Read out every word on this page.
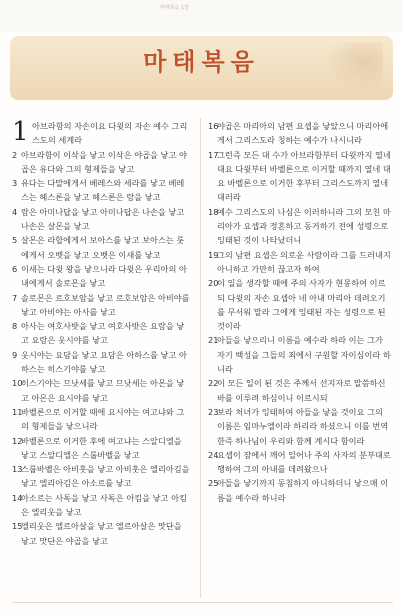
마태복음 1장
마태복음
1 아브라함의 자손이요 다윗의 자손 예수 그리스도의 세계라
2 아브라함이 이삭을 낳고 이삭은 야곱을 낳고 야곱은 유다와 그의 형제들을 낳고
3 유다는 다말에게서 베레스와 세라를 낳고 베레스는 헤스론을 낳고 헤스론은 람을 낳고
4 람은 아미나답을 낳고 아미나답은 나손을 낳고 나손은 살몬을 낳고
5 살몬은 라합에게서 보아스를 낳고 보아스는 룻에게서 오벳을 낳고 오벳은 이새를 낳고
6 이새는 다윗 왕을 낳으니라 다윗은 우리아의 아내에게서 솔로몬을 낳고
7 솔로몬은 르호보암을 낳고 르호보암은 아비야를 낳고 아비야는 아사를 낳고
8 아사는 여호사밧을 낳고 여호사밧은 요람을 낳고 요람은 웃시야를 낳고
9 웃시야는 요담을 낳고 요담은 아하스를 낳고 아하스는 히스기야를 낳고
10
히스기야는 므낫세를 낳고 므낫세는 아몬을 낳고 아몬은 요시야를 낳고
11
바벨론으로 이거할 때에 요시야는 여고냐와 그의 형제들을 낳으니라
12
바벨론으로 이거한 후에 여고냐는 스알디엘을 낳고 스알디엘은 스룹바벨을 낳고
13
스룹바벨은 아비훗을 낳고 아비훗은 엘리아김을 낳고 엘리아김은 아소르를 낳고
14
아소르는 사독을 낳고 사독은 아킴을 낳고 아킴은 엘리웃을 낳고
15
엘리웃은 엘르아살을 낳고 엘르아살은 맛단을 낳고 맛단은 야곱을 낳고
16
야곱은 마리아의 남편 요셉을 낳았으니 마리아에게서 그리스도라 칭하는 예수가 나시니라
17
그런즉 모든 대 수가 아브라함부터 다윗까지 열네 대요 다윗부터 바벨론으로 이거할 때까지 열네 대요 바벨론으로 이거한 후부터 그리스도까지 열네 대러라
18
예수 그리스도의 나심은 이러하니라 그의 모친 마리아가 요셉과 정혼하고 동거하기 전에 성령으로 잉태된 것이 나타났더니
19
그의 남편 요셉은 의로운 사람이라 그를 드러내지 아니하고 가만히 끊고자 하여
20
이 일을 생각할 때에 주의 사자가 현몽하여 이르되 다윗의 자손 요셉아 네 아내 마리아 데려오기를 무서워 말라 그에게 잉태된 자는 성령으로 된 것이라
21
아들을 낳으리니 이름을 예수라 하라 이는 그가 자기 백성을 그들의 죄에서 구원할 자이심이라 하니라
22
이 모든 일이 된 것은 주께서 선지자로 말씀하신 바를 이루려 하심이니 이르시되
23
보라 처녀가 잉태하여 아들을 낳을 것이요 그의 이름은 임마누엘이라 하리라 하셨으니 이를 번역한즉 하나님이 우리와 함께 계시다 함이라
24
요셉이 잠에서 깨어 일어나 주의 사자의 분부대로 행하여 그의 아내를 데려왔으나
25
아들을 낳기까지 동침하지 아니하더니 낳으매 이름을 예수라 하니라
